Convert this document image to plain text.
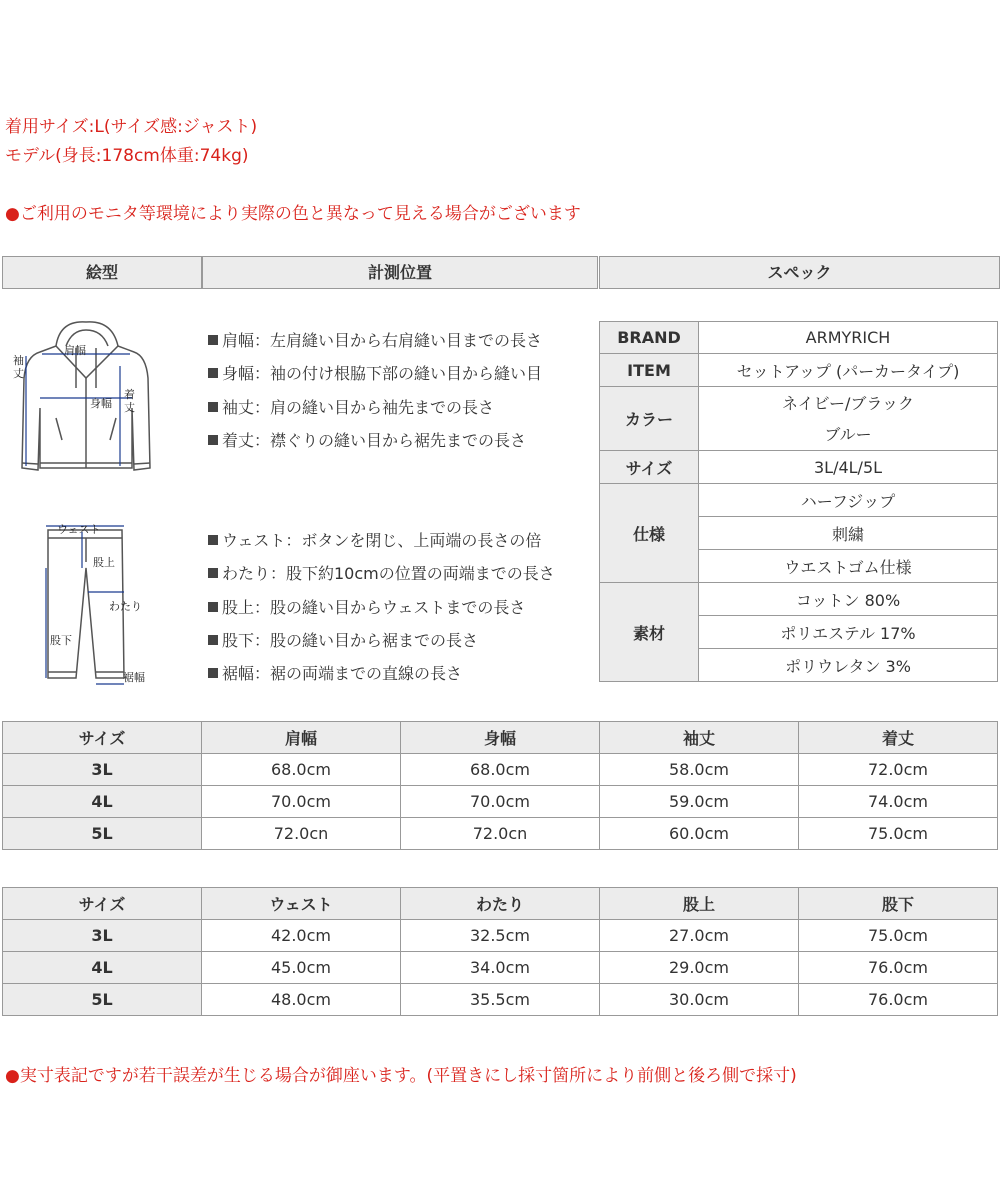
着用サイズ:L(サイズ感:ジャスト)
モデル(身長:178cm体重:74kg)
●ご利用のモニタ等環境により実際の色と異なって見える場合がございます
絵型	計測位置	スペック
肩幅
袖
丈
身幅
着
丈
ウェスト
股上
わたり
股下
裾幅
肩幅：左肩縫い目から右肩縫い目までの長さ
身幅：袖の付け根脇下部の縫い目から縫い目
袖丈：肩の縫い目から袖先までの長さ
着丈：襟ぐりの縫い目から裾先までの長さ
ウェスト：ボタンを閉じ、上両端の長さの倍
わたり：股下約10cmの位置の両端までの長さ
股上：股の縫い目からウェストまでの長さ
股下：股の縫い目から裾までの長さ
裾幅：裾の両端までの直線の長さ
BRAND	ARMYRICH
ITEM	セットアップ (パーカータイプ)
カラー	ネイビー/ブラック
ブルー

サイズ	3L/4L/5L
仕様	ハーフジップ
	刺繍
	ウエストゴム仕様
素材	コットン 80%
	ポリエステル 17%
	ポリウレタン 3%
サイズ	肩幅	身幅	袖丈	着丈
3L	68.0cm	68.0cm	58.0cm	72.0cm
4L	70.0cm	70.0cm	59.0cm	74.0cm
5L	72.0cn	72.0cn	60.0cm	75.0cm
サイズ	ウェスト	わたり	股上	股下
3L	42.0cm	32.5cm	27.0cm	75.0cm
4L	45.0cm	34.0cm	29.0cm	76.0cm
5L	48.0cm	35.5cm	30.0cm	76.0cm
●実寸表記ですが若干誤差が生じる場合が御座います。(平置きにし採寸箇所により前側と後ろ側で採寸)
